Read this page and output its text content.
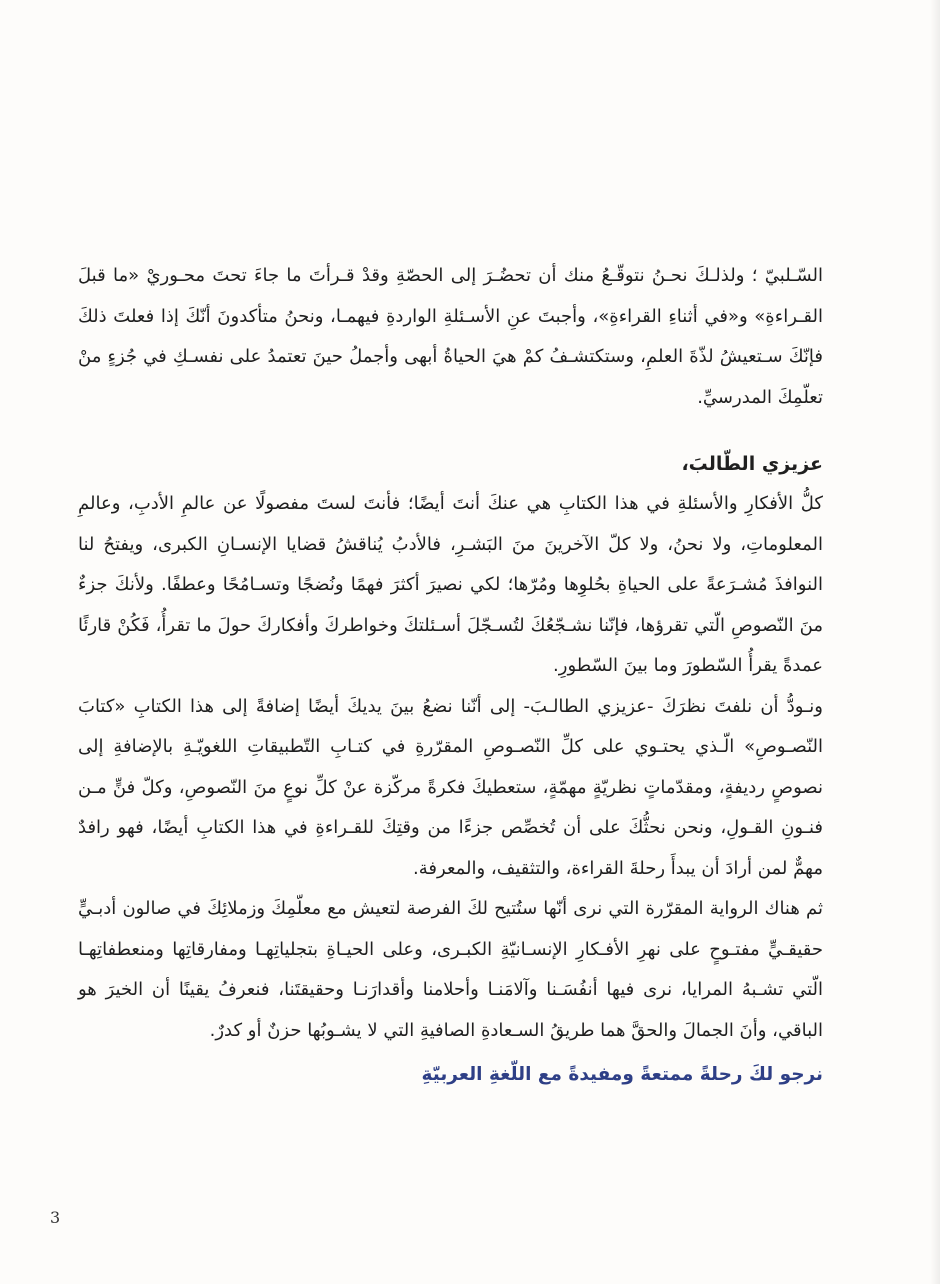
السّـلبيّ ؛ ولذلـكَ نحـنُ نتوقّـعُ منك أن تحضُـرَ إلى الحصّةِ وقدْ قـرأتَ ما جاءَ تحتَ محـوريْ «ما قبلَ القـراءةِ» و«في أثناءِ القراءةِ»، وأجبتَ عنِ الأسـئلةِ الواردةِ فيهمـا، ونحنُ متأكدونَ أنّكَ إذا فعلتَ ذلكَ فإنّكَ سـتعيشُ لذّةَ العلمِ، وستكتشـفُ كمْ هيَ الحياةُ أبهى وأجملُ حينَ تعتمدُ على نفسـكِ في جُزءٍ منْ تعلّمِكَ المدرسيِّ.

عزيزي الطّالبَ،

كلُّ الأفكارِ والأسئلةِ في هذا الكتابِ هي عنكَ أنتَ أيضًا؛ فأنتَ لستَ مفصولًا عن عالمِ الأدبِ، وعالمِ المعلوماتِ، ولا نحنُ، ولا كلّ الآخرينَ منَ البَشـرِ، فالأدبُ يُناقشُ قضايا الإنسـانِ الكبرى، ويفتحُ لنا النوافذَ مُشـرَعةً على الحياةِ بحُلوِها ومُرّها؛ لكي نصيرَ أكثرَ فهمًا ونُضجًا وتسـامُحًا وعطفًا. ولأنكَ جزءٌ منَ النّصوصِ الّتي تقرؤها، فإنّنا نشـجّعُكَ لتُسـجّلَ أسـئلتكَ وخواطركَ وأفكاركَ حولَ ما تقرأُ، فَكُنْ قارئًا عمدةً يقرأُ السّطورَ وما بينَ السّطورِ.

ونـودُّ أن نلفتَ نظرَكَ -عزيزي الطالـبَ- إلى أنّنا نضعُ بينَ يديكَ أيضًا إضافةً إلى هذا الكتابِ «كتابَ النّصـوصِ» الّـذي يحتـوي على كلِّ النّصـوصِ المقرّرةِ في كتـابِ التّطبيقاتِ اللغويّـةِ بالإضافةِ إلى نصوصٍ رديفةٍ، ومقدّماتٍ نظريّةٍ مهمّةٍ، ستعطيكَ فكرةً مركّزة عنْ كلِّ نوعٍ منَ النّصوصِ، وكلّ فنٍّ مـن فنـونِ القـولِ، ونحن نحثُّكَ على أن تُخصِّص جزءًا من وقتِكَ للقـراءةِ في هذا الكتابِ أيضًا، فهو رافدٌ مهمٌّ لمن أرادَ أن يبدأَ رحلةَ القراءة، والتثقيف، والمعرفة.

ثم هناك الرواية المقرّرة التي نرى أنّها ستُتيح لكَ الفرصة لتعيش مع معلّمِكَ وزملائِكَ في صالون أدبـيٍّ حقيقـيٍّ مفتـوحٍ على نهرِ الأفـكارِ الإنسـانيّةِ الكبـرى، وعلى الحيـاةِ بتجلياتِهـا ومفارقاتِها ومنعطفاتِهـا الّتي تشـبهُ المرايا، نرى فيها أنفُسَـنا وآلامَنـا وأحلامنا وأقدارَنـا وحقيقتَنا، فنعرفُ يقينًا أن الخيرَ هو الباقي، وأنَ الجمالَ والحقَّ هما طريقُ السـعادةِ الصافيةِ التي لا يشـوبُها حزنٌ أو كدرٌ.

نرجو لكَ رحلةً ممتعةً ومفيدةً مع اللّغةِ العربيّةِ

3
